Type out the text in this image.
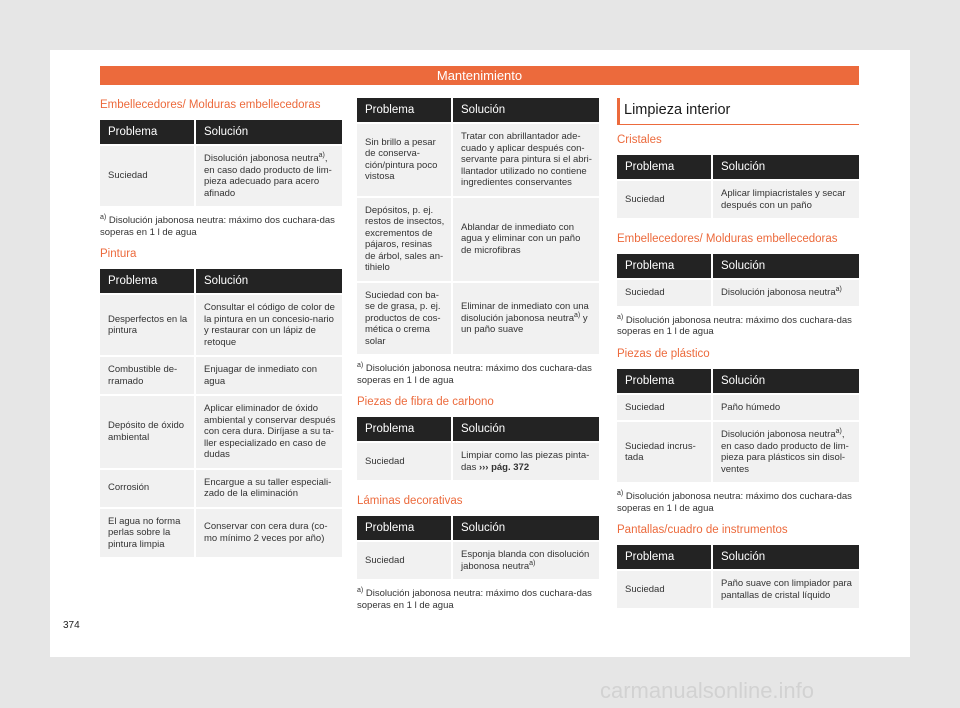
Mantenimiento
Embellecedores/ Molduras embellecedoras
Problema	Solución
Suciedad	Disolución jabonosa neutra$^{a)}$, en caso dado producto de lim-pieza adecuado para acero afinado
$^{a)}$ Disolución jabonosa neutra: máximo dos cuchara-das soperas en 1 l de agua
Pintura
Problema	Solución
Desperfectos en la pintura	Consultar el código de color de la pintura en un concesio-nario y restaurar con un lápiz de retoque
Combustible de-rramado	Enjuagar de inmediato con agua
Depósito de óxido ambiental	Aplicar eliminador de óxido ambiental y conservar después con cera dura. Diríjase a su ta-ller especializado en caso de dudas
Corrosión	Encargue a su taller especiali-zado de la eliminación
El agua no forma perlas sobre la pintura limpia	Conservar con cera dura (co-mo mínimo 2 veces por año)
Problema	Solución
Sin brillo a pesar de conserva-ción/pintura poco vistosa	Tratar con abrillantador ade-cuado y aplicar después con-servante para pintura si el abri-llantador utilizado no contiene ingredientes conservantes
Depósitos, p. ej. restos de insectos, excrementos de pájaros, resinas de árbol, sales an-tihielo	Ablandar de inmediato con agua y eliminar con un paño de microfibras
Suciedad con ba-se de grasa, p. ej. productos de cos-mética o crema solar	Eliminar de inmediato con una disolución jabonosa neutra$^{a)}$ y un paño suave
$^{a)}$ Disolución jabonosa neutra: máximo dos cuchara-das soperas en 1 l de agua
Piezas de fibra de carbono
Problema	Solución
Suciedad	Limpiar como las piezas pinta-das ››› pág. 372
Láminas decorativas
Problema	Solución
Suciedad	Esponja blanda con disolución jabonosa neutra$^{a)}$
$^{a)}$ Disolución jabonosa neutra: máximo dos cuchara-das soperas en 1 l de agua
Limpieza interior
Cristales
Problema	Solución
Suciedad	Aplicar limpiacristales y secar después con un paño
Embellecedores/ Molduras embellecedoras
Problema	Solución
Suciedad	Disolución jabonosa neutra$^{a)}$
$^{a)}$ Disolución jabonosa neutra: máximo dos cuchara-das soperas en 1 l de agua
Piezas de plástico
Problema	Solución
Suciedad	Paño húmedo
Suciedad incrus-tada	Disolución jabonosa neutra$^{a)}$, en caso dado producto de lim-pieza para plásticos sin disol-ventes
$^{a)}$ Disolución jabonosa neutra: máximo dos cuchara-das soperas en 1 l de agua
Pantallas/cuadro de instrumentos
Problema	Solución
Suciedad	Paño suave con limpiador para pantallas de cristal líquido
374
carmanualsonline.info
